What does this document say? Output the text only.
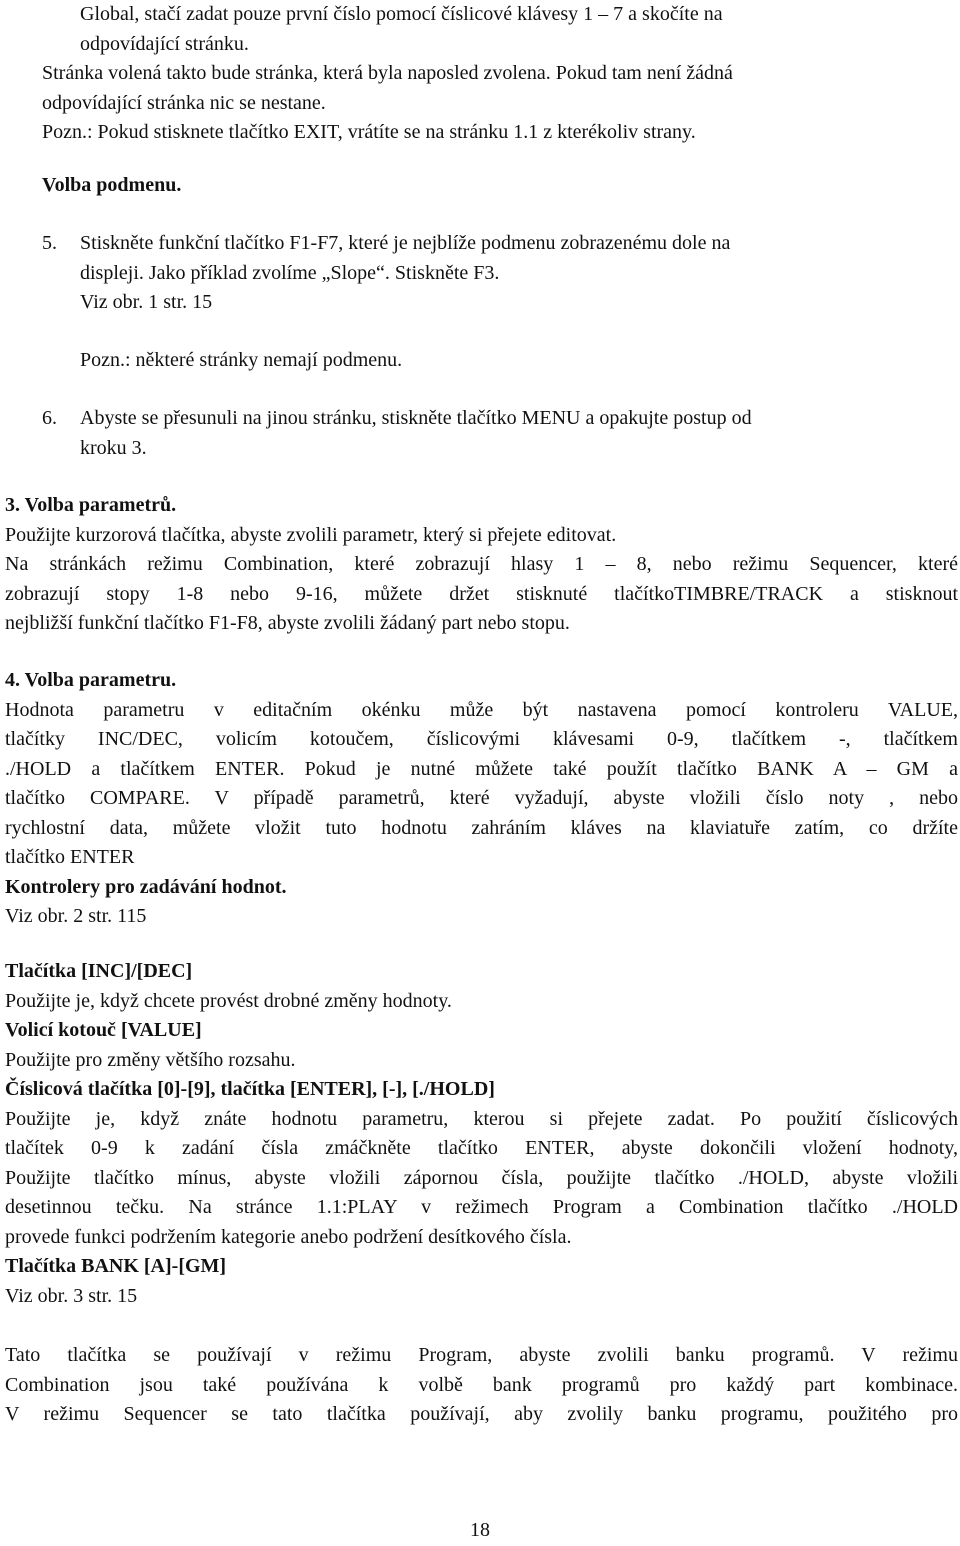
Global, stačí zadat pouze první číslo pomocí číslicové klávesy 1 – 7 a skočíte na
odpovídající stránku.
Stránka volená takto bude stránka, která byla naposled zvolena. Pokud tam není žádná
odpovídající stránka nic se nestane.
Pozn.: Pokud stisknete tlačítko EXIT, vrátíte se na stránku 1.1 z kterékoliv strany.
Volba podmenu.
5. Stiskněte funkční tlačítko F1-F7, které je nejblíže podmenu zobrazenému dole na
displeji. Jako příklad zvolíme „Slope“. Stiskněte F3.
Viz obr. 1 str. 15
Pozn.: některé stránky nemají podmenu.
6. Abyste se přesunuli na jinou stránku, stiskněte tlačítko MENU a opakujte postup od
kroku 3.
3. Volba parametrů.
Použijte kurzorová tlačítka, abyste zvolili parametr, který si přejete editovat.
Na stránkách režimu Combination, které zobrazují hlasy 1 – 8, nebo režimu Sequencer, které
zobrazují stopy 1-8 nebo 9-16, můžete držet stisknuté tlačítkoTIMBRE/TRACK a stisknout
nejbližší funkční tlačítko F1-F8, abyste zvolili žádaný part nebo stopu.
4. Volba parametru.
Hodnota parametru v editačním okénku může být nastavena pomocí kontroleru VALUE,
tlačítky INC/DEC, volicím kotoučem, číslicovými klávesami 0-9, tlačítkem -, tlačítkem
./HOLD a tlačítkem ENTER. Pokud je nutné můžete také použít tlačítko BANK A – GM a
tlačítko COMPARE. V případě parametrů, které vyžadují, abyste vložili číslo noty , nebo
rychlostní data, můžete vložit tuto hodnotu zahráním kláves na klaviatuře zatím, co držíte
tlačítko ENTER
Kontrolery pro zadávání hodnot.
Viz obr. 2 str. 115
Tlačítka [INC]/[DEC]
Použijte je, když chcete provést drobné změny hodnoty.
Volicí kotouč [VALUE]
Použijte pro změny většího rozsahu.
Číslicová tlačítka [0]-[9], tlačítka [ENTER], [-], [./HOLD]
Použijte je, když znáte hodnotu parametru, kterou si přejete zadat. Po použití číslicových
tlačítek 0-9 k zadání čísla zmáčkněte tlačítko ENTER, abyste dokončili vložení hodnoty,
Použijte tlačítko mínus, abyste vložili zápornou čísla, použijte tlačítko ./HOLD, abyste vložili
desetinnou tečku. Na stránce 1.1:PLAY v režimech Program a Combination tlačítko ./HOLD
provede funkci podržením kategorie anebo podržení desítkového čísla.
Tlačítka BANK [A]-[GM]
Viz obr. 3 str. 15
Tato tlačítka se používají v režimu Program, abyste zvolili banku programů. V režimu
Combination jsou také používána k volbě bank programů pro každý part kombinace.
V režimu Sequencer se tato tlačítka používají, aby zvolily banku programu, použitého pro
18
